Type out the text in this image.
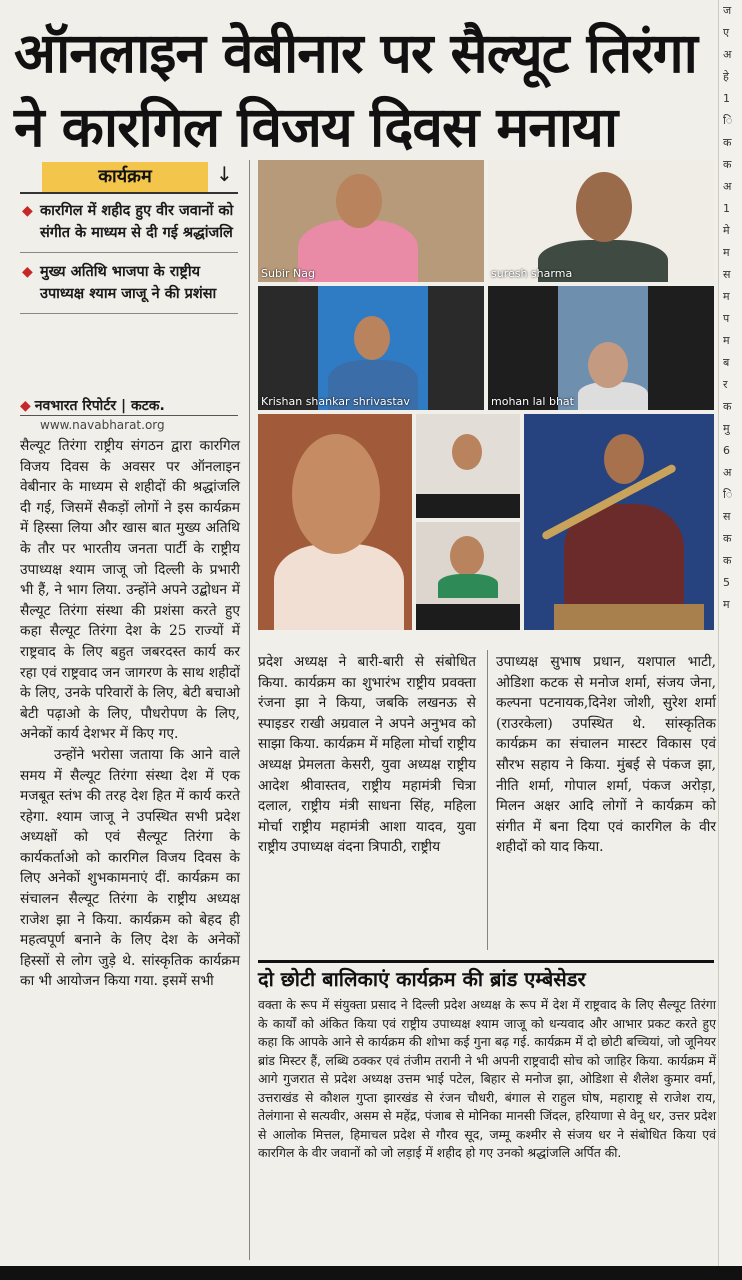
ऑनलाइन वेबीनार पर सैल्यूट तिरंगा
ने कारगिल विजय दिवस मनाया
कार्यक्रम	↓
◆ कारगिल में शहीद हुए वीर जवानों को संगीत के माध्यम से दी गई श्रद्धांजलि
◆ मुख्य अतिथि भाजपा के राष्ट्रीय उपाध्यक्ष श्याम जाजू ने की प्रशंसा
◆ नवभारत रिपोर्टर | कटक.
www.navabharat.org

सैल्यूट तिरंगा राष्ट्रीय संगठन द्वारा कारगिल विजय दिवस के अवसर पर ऑनलाइन वेबीनार के माध्यम से शहीदों की श्रद्धांजलि दी गई, जिसमें सैकड़ों लोगों ने इस कार्यक्रम में हिस्सा लिया और खास बात मुख्य अतिथि के तौर पर भारतीय जनता पार्टी के राष्ट्रीय उपाध्यक्ष श्याम जाजू जो दिल्ली के प्रभारी भी हैं, ने भाग लिया. उन्होंने अपने उद्बोधन में सैल्यूट तिरंगा संस्था की प्रशंसा करते हुए कहा सैल्यूट तिरंगा देश के 25 राज्यों में राष्ट्रवाद के लिए बहुत जबरदस्त कार्य कर रहा एवं राष्ट्रवाद जन जागरण के साथ शहीदों के लिए, उनके परिवारों के लिए, बेटी बचाओ बेटी पढ़ाओ के लिए, पौधरोपण के लिए, अनेकों कार्य देशभर में किए गए.

उन्होंने भरोसा जताया कि आने वाले समय में सैल्यूट तिरंगा संस्था देश में एक मजबूत स्तंभ की तरह देश हित में कार्य करते रहेगा. श्याम जाजू ने उपस्थित सभी प्रदेश अध्यक्षों को एवं सैल्यूट तिरंगा के कार्यकर्ताओ को कारगिल विजय दिवस के लिए अनेकों शुभकामनाएं दीं. कार्यक्रम का संचालन सैल्यूट तिरंगा के राष्ट्रीय अध्यक्ष राजेश झा ने किया. कार्यक्रम को बेहद ही महत्वपूर्ण बनाने के लिए देश के अनेकों हिस्सों से लोग जुड़े थे. सांस्कृतिक कार्यक्रम का भी आयोजन किया गया. इसमें सभी

Subir Nag	suresh sharma
Krishan shankar shrivastav	mohan lal bhat

प्रदेश अध्यक्ष ने बारी-बारी से संबोधित किया. कार्यक्रम का शुभारंभ राष्ट्रीय प्रवक्ता रंजना झा ने किया, जबकि लखनऊ से स्पाइडर राखी अग्रवाल ने अपने अनुभव को साझा किया. कार्यक्रम में महिला मोर्चा राष्ट्रीय अध्यक्ष प्रेमलता केसरी, युवा अध्यक्ष राष्ट्रीय आदेश श्रीवास्तव, राष्ट्रीय महामंत्री चित्रा दलाल, राष्ट्रीय मंत्री साधना सिंह, महिला मोर्चा राष्ट्रीय महामंत्री आशा यादव, युवा राष्ट्रीय उपाध्यक्ष वंदना त्रिपाठी, राष्ट्रीय

उपाध्यक्ष सुभाष प्रधान, यशपाल भाटी, ओडिशा कटक से मनोज शर्मा, संजय जेना, कल्पना पटनायक,दिनेश जोशी, सुरेश शर्मा (राउरकेला) उपस्थित थे. सांस्कृतिक कार्यक्रम का संचालन मास्टर विकास एवं सौरभ सहाय ने किया. मुंबई से पंकज झा, नीति शर्मा, गोपाल शर्मा, पंकज अरोड़ा, मिलन अक्षर आदि लोगों ने कार्यक्रम को संगीत में बना दिया एवं कारगिल के वीर शहीदों को याद किया.

दो छोटी बालिकाएं कार्यक्रम की ब्रांड एम्बेसेडर

वक्ता के रूप में संयुक्ता प्रसाद ने दिल्ली प्रदेश अध्यक्ष के रूप में देश में राष्ट्रवाद के लिए सैल्यूट तिरंगा के कार्यों को अंकित किया एवं राष्ट्रीय उपाध्यक्ष श्याम जाजू को धन्यवाद और आभार प्रकट करते हुए कहा कि आपके आने से कार्यक्रम की शोभा कई गुना बढ़ गई. कार्यक्रम में दो छोटी बच्चियां, जो जूनियर ब्रांड मिस्टर हैं, लब्धि ठक्कर एवं तंजीम तरानी ने भी अपनी राष्ट्रवादी सोच को जाहिर किया. कार्यक्रम में आगे गुजरात से प्रदेश अध्यक्ष उत्तम भाई पटेल, बिहार से मनोज झा, ओडिशा से शैलेश कुमार वर्मा, उत्तराखंड से कौशल गुप्ता झारखंड से रंजन चौधरी, बंगाल से राहुल घोष, महाराष्ट्र से राजेश राय, तेलंगाना से सत्यवीर, असम से महेंद्र, पंजाब से मोनिका मानसी जिंदल, हरियाणा से वेनू धर, उत्तर प्रदेश से आलोक मित्तल, हिमाचल प्रदेश से गौरव सूद, जम्मू कश्मीर से संजय धर ने संबोधित किया एवं कारगिल के वीर जवानों को जो लड़ाई में शहीद हो गए उनको श्रद्धांजलि अर्पित की.

ज
ए
अ
हे
1
ि
क
क
अ
1
मे
म
स
म
प
म
ब
र
क
मु
6
अ
ि
स
क
क
5
म
